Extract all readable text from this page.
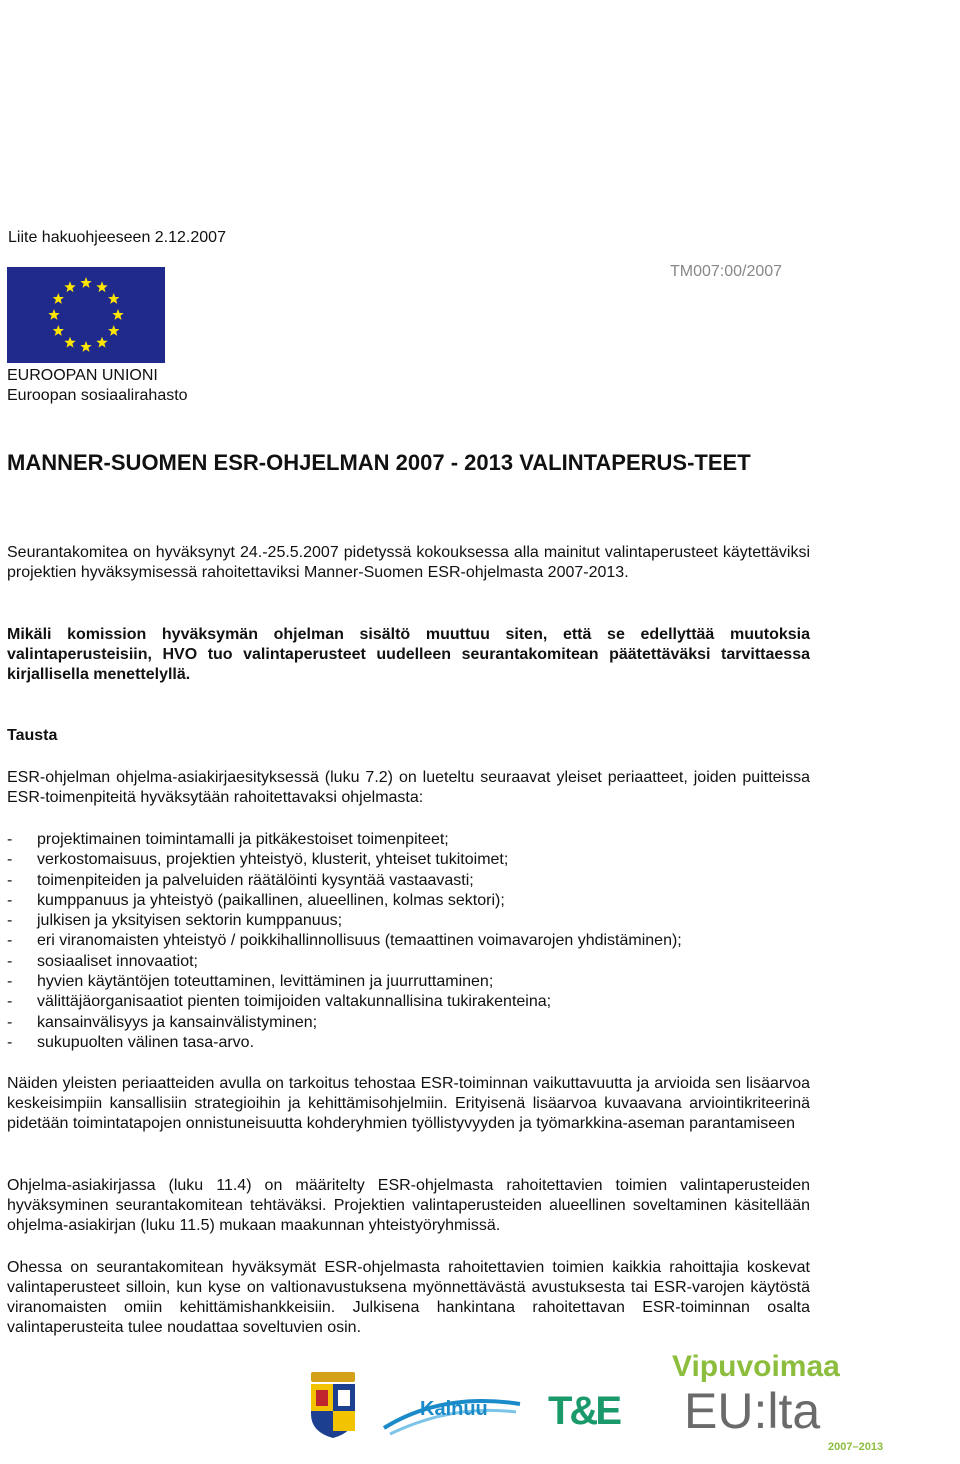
Liite hakuohjeeseen 2.12.2007
TM007:00/2007
EUROOPAN UNIONI
Euroopan sosiaalirahasto
MANNER-SUOMEN ESR-OHJELMAN 2007 - 2013 VALINTAPERUS-TEET
Seurantakomitea on hyväksynyt 24.-25.5.2007 pidetyssä kokouksessa alla mainitut valintaperusteet käytettäviksi projektien hyväksymisessä rahoitettaviksi Manner-Suomen ESR-ohjelmasta 2007-2013.
Mikäli komission hyväksymän ohjelman sisältö muuttuu siten, että se edellyttää muutoksia valintaperusteisiin, HVO tuo valintaperusteet uudelleen seurantakomitean päätettäväksi tarvittaessa kirjallisella menettelyllä.
Tausta
ESR-ohjelman ohjelma-asiakirjaesityksessä (luku 7.2) on lueteltu seuraavat yleiset periaatteet, joiden puitteissa ESR-toimenpiteitä hyväksytään rahoitettavaksi ohjelmasta:
- projektimainen toimintamalli ja pitkäkestoiset toimenpiteet;
- verkostomaisuus, projektien yhteistyö, klusterit, yhteiset tukitoimet;
- toimenpiteiden ja palveluiden räätälöinti kysyntää vastaavasti;
- kumppanuus ja yhteistyö (paikallinen, alueellinen, kolmas sektori);
- julkisen ja yksityisen sektorin kumppanuus;
- eri viranomaisten yhteistyö / poikkihallinnollisuus (temaattinen voimavarojen yhdistäminen);
- sosiaaliset innovaatiot;
- hyvien käytäntöjen toteuttaminen, levittäminen ja juurruttaminen;
- välittäjäorganisaatiot pienten toimijoiden valtakunnallisina tukirakenteina;
- kansainvälisyys ja kansainvälistyminen;
- sukupuolten välinen tasa-arvo.
Näiden yleisten periaatteiden avulla on tarkoitus tehostaa ESR-toiminnan vaikuttavuutta ja arvioida sen lisäarvoa keskeisimpiin kansallisiin strategioihin ja kehittämisohjelmiin. Erityisenä lisäarvoa kuvaavana arviointikriteerinä pidetään toimintatapojen onnistuneisuutta kohderyhmien työllistyvyyden ja työmarkkina-aseman parantamiseen
Ohjelma-asiakirjassa (luku 11.4) on määritelty ESR-ohjelmasta rahoitettavien toimien valintaperusteiden hyväksyminen seurantakomitean tehtäväksi. Projektien valintaperusteiden alueellinen soveltaminen käsitellään ohjelma-asiakirjan (luku 11.5) mukaan maakunnan yhteistyöryhmissä.
Ohessa on seurantakomitean hyväksymät ESR-ohjelmasta rahoitettavien toimien kaikkia rahoittajia koskevat valintaperusteet silloin, kun kyse on valtionavustuksena myönnettävästä avustuksesta tai ESR-varojen käytöstä viranomaisten omiin kehittämishankkeisiin. Julkisena hankintana rahoitettavan ESR-toiminnan osalta valintaperusteita tulee noudattaa soveltuvien osin.
Kainuu T&E
Vipuvoimaa
EU:lta
2007–2013
